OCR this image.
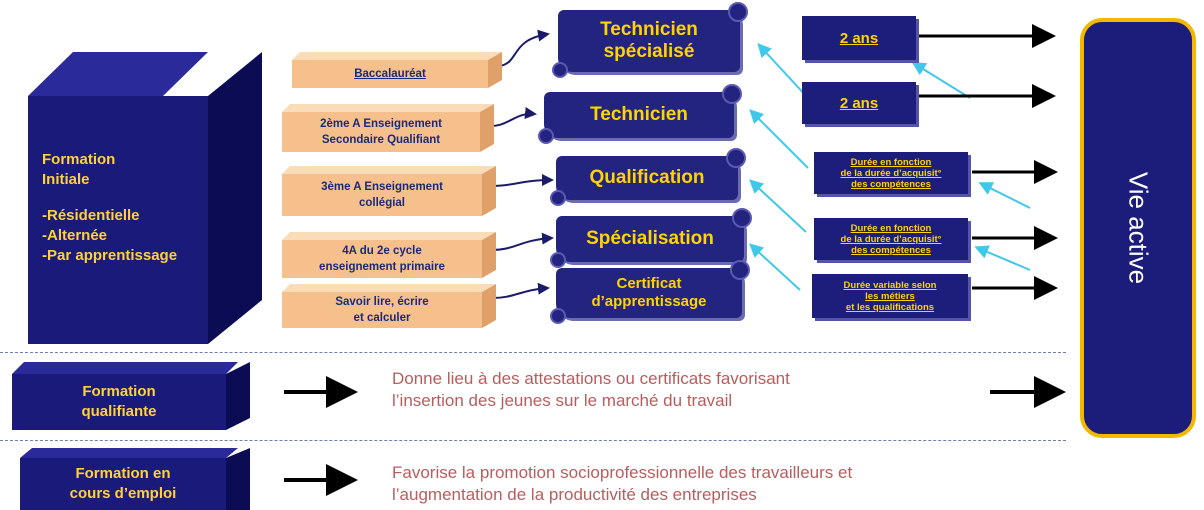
Formation
Initiale
-Résidentielle
-Alternée
-Par apprentissage
Baccalauréat
2ème A Enseignement
Secondaire Qualifiant
3ème A Enseignement
collégial
4A du 2e cycle
enseignement primaire
Savoir lire, écrire
et calculer
Technicien
spécialisé
Technicien
Qualification
Spécialisation
Certificat
d’apprentissage
2 ans
2 ans
Durée en fonction
de la durée d’acquisit°
des compétences
Durée en fonction
de la durée d’acquisit°
des compétences
Durée variable selon
les métiers
et les qualifications
Vie active
Formation
qualifiante
Donne lieu à des attestations ou certificats favorisant
l’insertion des jeunes sur le marché du travail
Formation en
cours d’emploi
Favorise la promotion socioprofessionnelle des travailleurs et
l’augmentation de la productivité des entreprises
